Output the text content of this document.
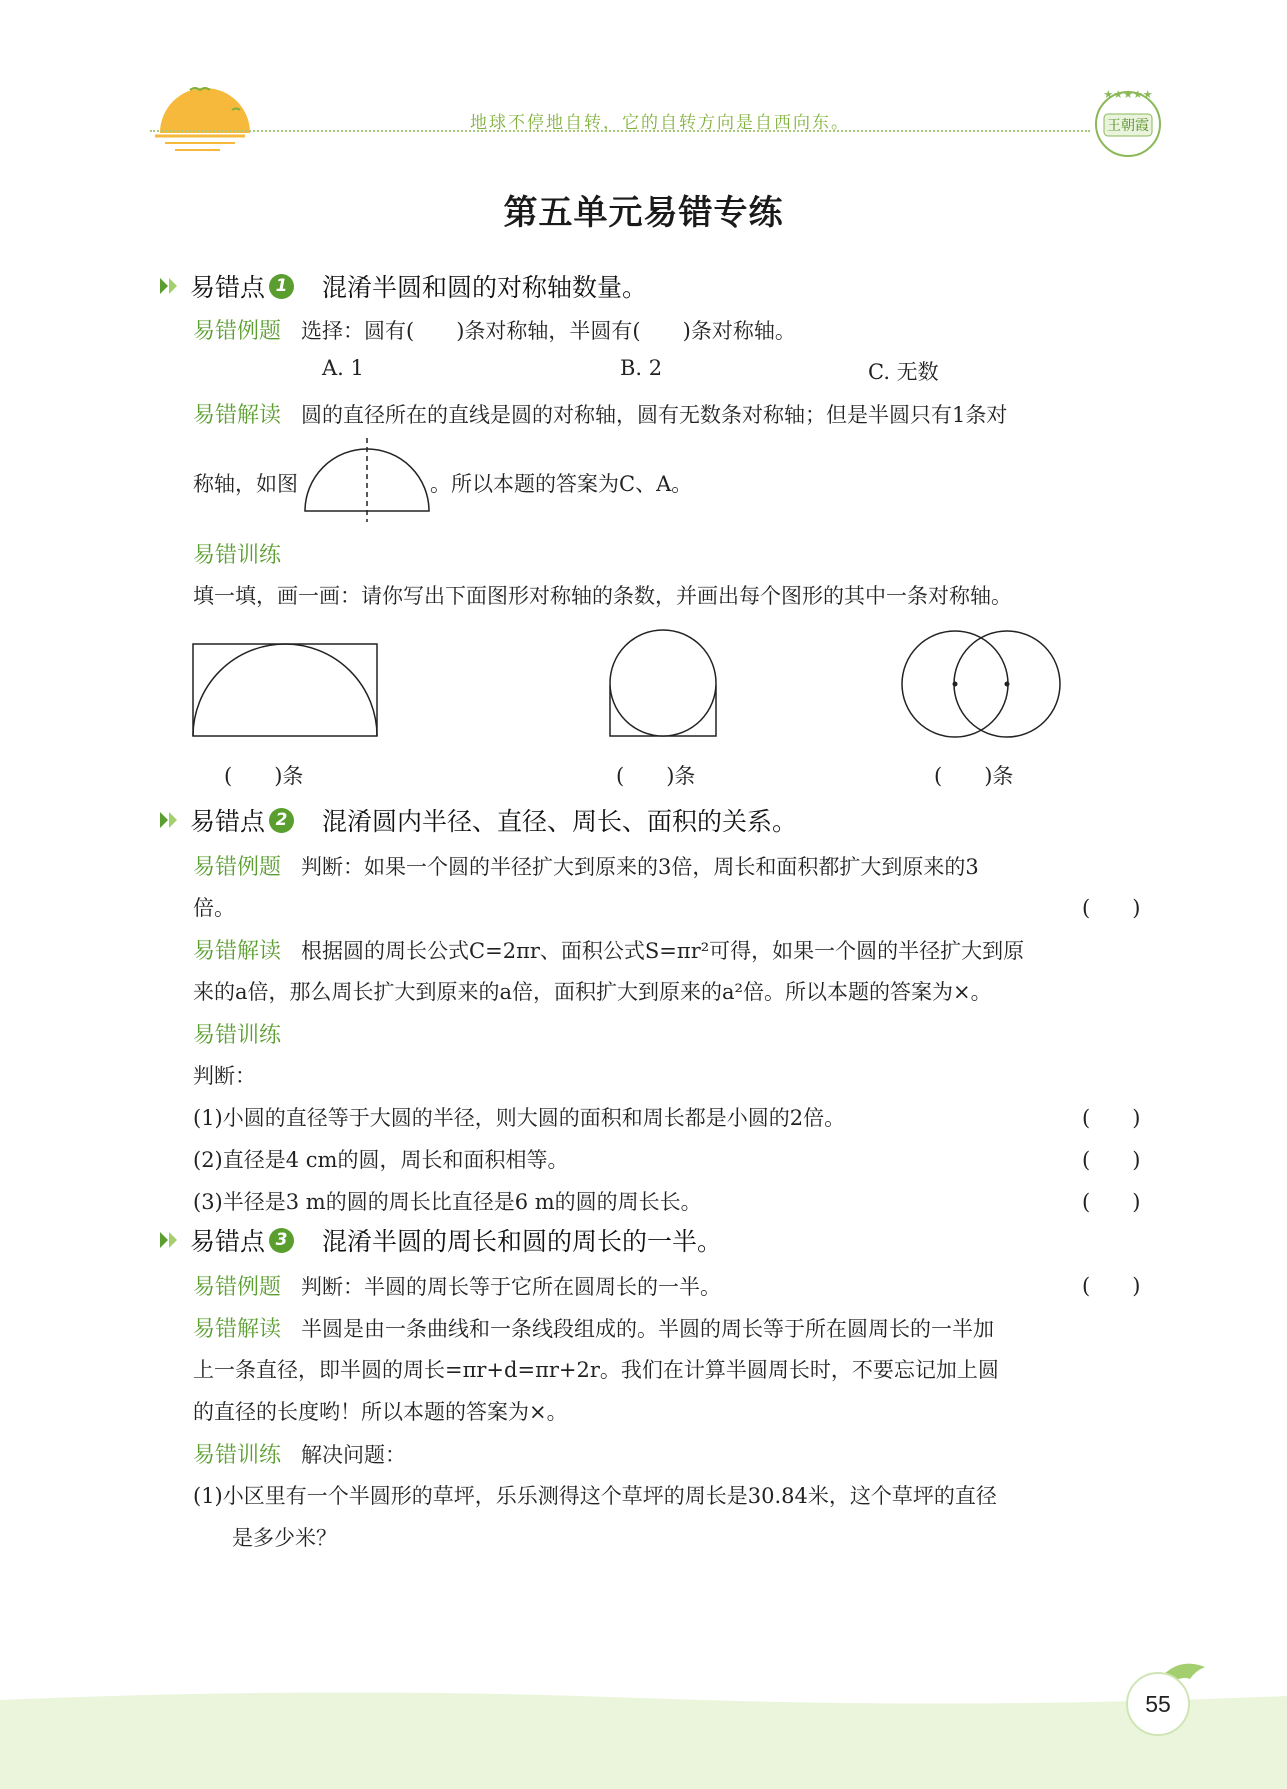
地球不停地自转，它的自转方向是自西向东。
★★★★★
王朝霞
第五单元易错专练
易错点 1 混淆半圆和圆的对称轴数量。
易错例题 选择：圆有(　　)条对称轴，半圆有(　　)条对称轴。
A. 1	B. 2	C. 无数
易错解读 圆的直径所在的直线是圆的对称轴，圆有无数条对称轴；但是半圆只有1条对
称轴，如图	。所以本题的答案为C、A。
易错训练
填一填，画一画：请你写出下面图形对称轴的条数，并画出每个图形的其中一条对称轴。
(　　)条	(　　)条	(　　)条
易错点 2 混淆圆内半径、直径、周长、面积的关系。
易错例题 判断：如果一个圆的半径扩大到原来的3倍，周长和面积都扩大到原来的3
倍。	(　　)
易错解读 根据圆的周长公式C=2πr、面积公式S=πr²可得，如果一个圆的半径扩大到原
来的a倍，那么周长扩大到原来的a倍，面积扩大到原来的a²倍。所以本题的答案为×。
易错训练
判断：
(1)小圆的直径等于大圆的半径，则大圆的面积和周长都是小圆的2倍。	(　　)
(2)直径是4 cm的圆，周长和面积相等。	(　　)
(3)半径是3 m的圆的周长比直径是6 m的圆的周长长。	(　　)
易错点 3 混淆半圆的周长和圆的周长的一半。
易错例题 判断：半圆的周长等于它所在圆周长的一半。	(　　)
易错解读 半圆是由一条曲线和一条线段组成的。半圆的周长等于所在圆周长的一半加
上一条直径，即半圆的周长=πr+d=πr+2r。我们在计算半圆周长时，不要忘记加上圆
的直径的长度哟！所以本题的答案为×。
易错训练 解决问题：
(1)小区里有一个半圆形的草坪，乐乐测得这个草坪的周长是30.84米，这个草坪的直径
是多少米？
55
